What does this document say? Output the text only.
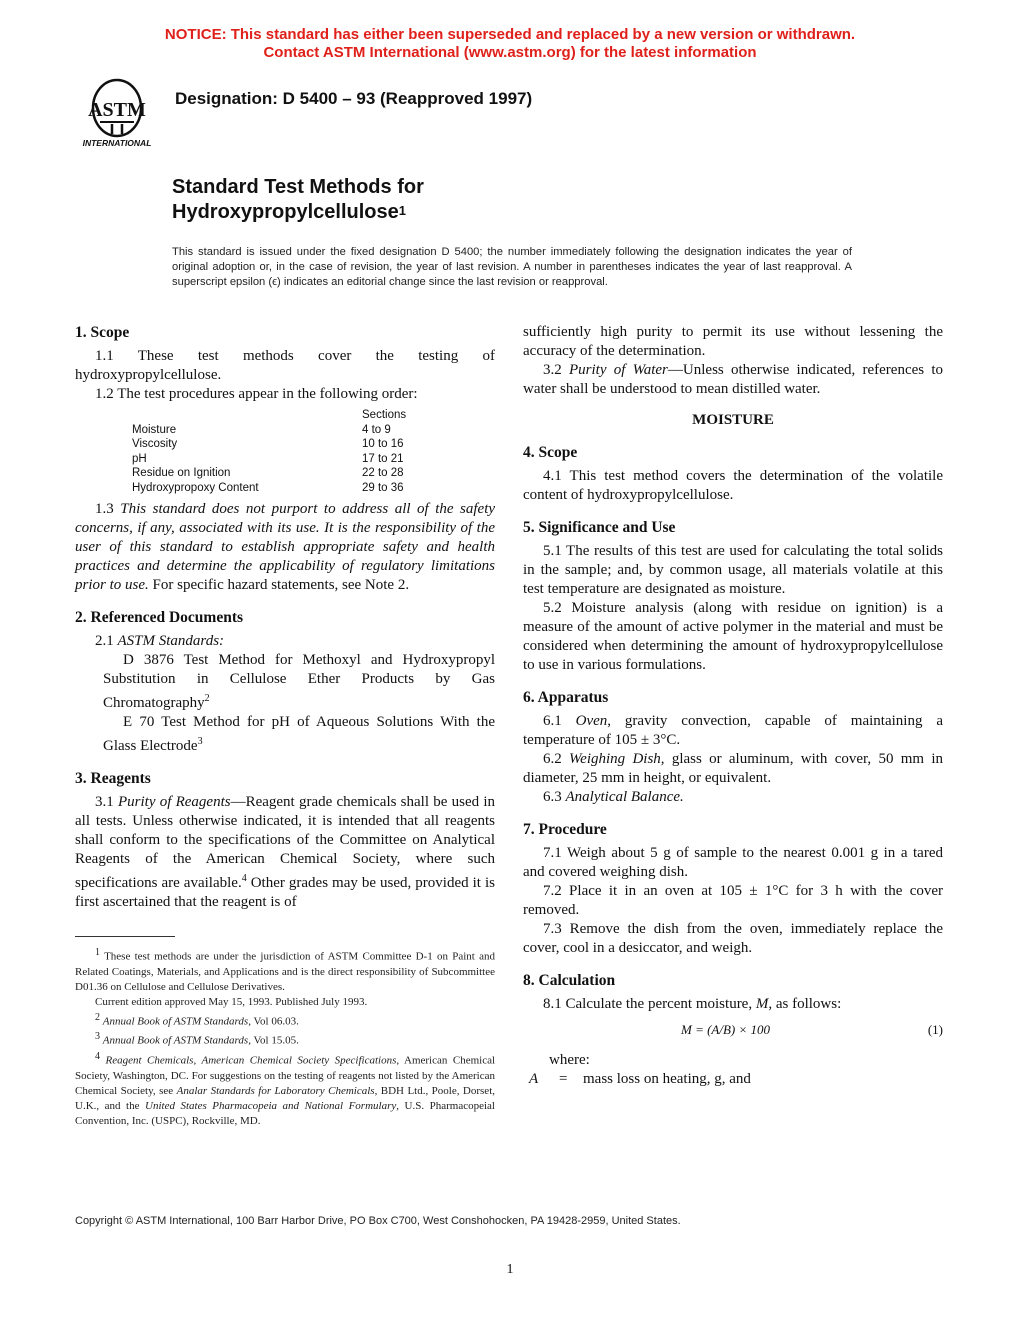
NOTICE: This standard has either been superseded and replaced by a new version or withdrawn.
Contact ASTM International (www.astm.org) for the latest information
ASTM
INTERNATIONAL
Designation: D 5400 – 93 (Reapproved 1997)
Standard Test Methods for
Hydroxypropylcellulose$^1$
This standard is issued under the fixed designation D 5400; the number immediately following the designation indicates the year of original adoption or, in the case of revision, the year of last revision. A number in parentheses indicates the year of last reapproval. A superscript epsilon (ϵ) indicates an editorial change since the last revision or reapproval.
1. Scope

1.1 These test methods cover the testing of hydroxypropylcellulose.

1.2 The test procedures appear in the following order:

Sections
Moisture	4 to 9
Viscosity	10 to 16
pH	17 to 21
Residue on Ignition	22 to 28
Hydroxypropoxy Content	29 to 36

1.3 This standard does not purport to address all of the safety concerns, if any, associated with its use. It is the responsibility of the user of this standard to establish appropriate safety and health practices and determine the applicability of regulatory limitations prior to use. For specific hazard statements, see Note 2.

2. Referenced Documents

2.1 ASTM Standards:

D 3876 Test Method for Methoxyl and Hydroxypropyl Substitution in Cellulose Ether Products by Gas Chromatography$^2$

E 70 Test Method for pH of Aqueous Solutions With the Glass Electrode$^3$

3. Reagents

3.1 Purity of Reagents—Reagent grade chemicals shall be used in all tests. Unless otherwise indicated, it is intended that all reagents shall conform to the specifications of the Committee on Analytical Reagents of the American Chemical Society, where such specifications are available.$^4$ Other grades may be used, provided it is first ascertained that the reagent is of

$^1$ These test methods are under the jurisdiction of ASTM Committee D-1 on Paint and Related Coatings, Materials, and Applications and is the direct responsibility of Subcommittee D01.36 on Cellulose and Cellulose Derivatives.

Current edition approved May 15, 1993. Published July 1993.

$^2$ Annual Book of ASTM Standards, Vol 06.03.

$^3$ Annual Book of ASTM Standards, Vol 15.05.

$^4$ Reagent Chemicals, American Chemical Society Specifications, American Chemical Society, Washington, DC. For suggestions on the testing of reagents not listed by the American Chemical Society, see Analar Standards for Laboratory Chemicals, BDH Ltd., Poole, Dorset, U.K., and the United States Pharmacopeia and National Formulary, U.S. Pharmacopeial Convention, Inc. (USPC), Rockville, MD.

sufficiently high purity to permit its use without lessening the accuracy of the determination.

3.2 Purity of Water—Unless otherwise indicated, references to water shall be understood to mean distilled water.

MOISTURE

4. Scope

4.1 This test method covers the determination of the volatile content of hydroxypropylcellulose.

5. Significance and Use

5.1 The results of this test are used for calculating the total solids in the sample; and, by common usage, all materials volatile at this test temperature are designated as moisture.

5.2 Moisture analysis (along with residue on ignition) is a measure of the amount of active polymer in the material and must be considered when determining the amount of hydroxypropylcellulose to use in various formulations.

6. Apparatus

6.1 Oven, gravity convection, capable of maintaining a temperature of 105 ± 3°C.

6.2 Weighing Dish, glass or aluminum, with cover, 50 mm in diameter, 25 mm in height, or equivalent.

6.3 Analytical Balance.

7. Procedure

7.1 Weigh about 5 g of sample to the nearest 0.001 g in a tared and covered weighing dish.

7.2 Place it in an oven at 105 ± 1°C for 3 h with the cover removed.

7.3 Remove the dish from the oven, immediately replace the cover, cool in a desiccator, and weigh.

8. Calculation

8.1 Calculate the percent moisture, M, as follows:

M = (A/B) × 100	(1)

where:

A	=	mass loss on heating, g, and
Copyright © ASTM International, 100 Barr Harbor Drive, PO Box C700, West Conshohocken, PA 19428-2959, United States.
1
